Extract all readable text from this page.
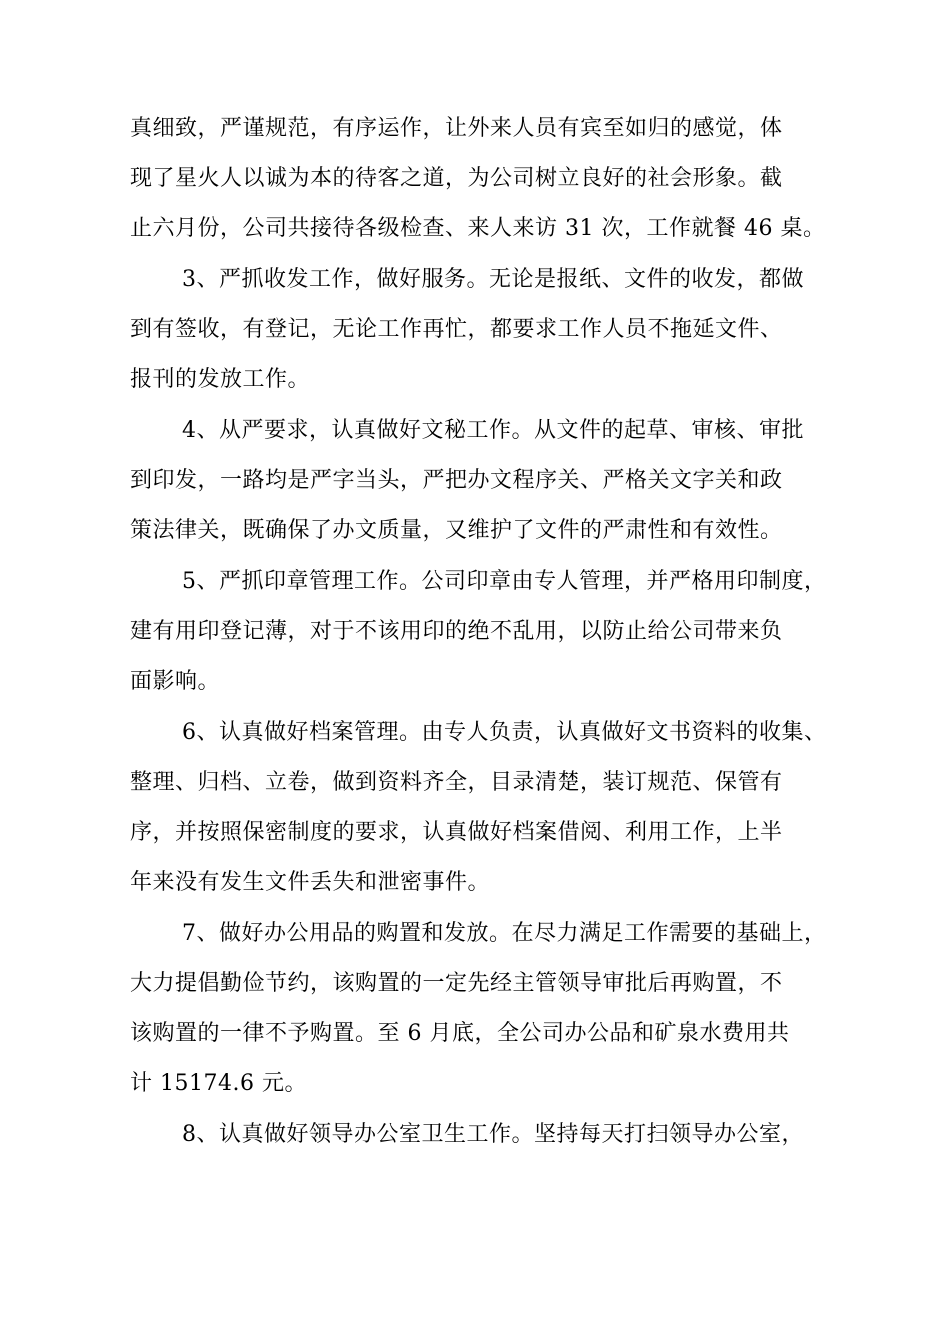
真细致，严谨规范，有序运作，让外来人员有宾至如归的感觉，体
现了星火人以诚为本的待客之道，为公司树立良好的社会形象。截
止六月份，公司共接待各级检查、来人来访 31 次，工作就餐 46 桌。
3、严抓收发工作，做好服务。无论是报纸、文件的收发，都做
到有签收，有登记，无论工作再忙，都要求工作人员不拖延文件、
报刊的发放工作。
4、从严要求，认真做好文秘工作。从文件的起草、审核、审批
到印发，一路均是严字当头，严把办文程序关、严格关文字关和政
策法律关，既确保了办文质量，又维护了文件的严肃性和有效性。
5、严抓印章管理工作。公司印章由专人管理，并严格用印制度，
建有用印登记薄，对于不该用印的绝不乱用，以防止给公司带来负
面影响。
6、认真做好档案管理。由专人负责，认真做好文书资料的收集、
整理、归档、立卷，做到资料齐全，目录清楚，装订规范、保管有
序，并按照保密制度的要求，认真做好档案借阅、利用工作，上半
年来没有发生文件丢失和泄密事件。
7、做好办公用品的购置和发放。在尽力满足工作需要的基础上，
大力提倡勤俭节约，该购置的一定先经主管领导审批后再购置，不
该购置的一律不予购置。至 6 月底，全公司办公品和矿泉水费用共
计 15174.6 元。
8、认真做好领导办公室卫生工作。坚持每天打扫领导办公室，
